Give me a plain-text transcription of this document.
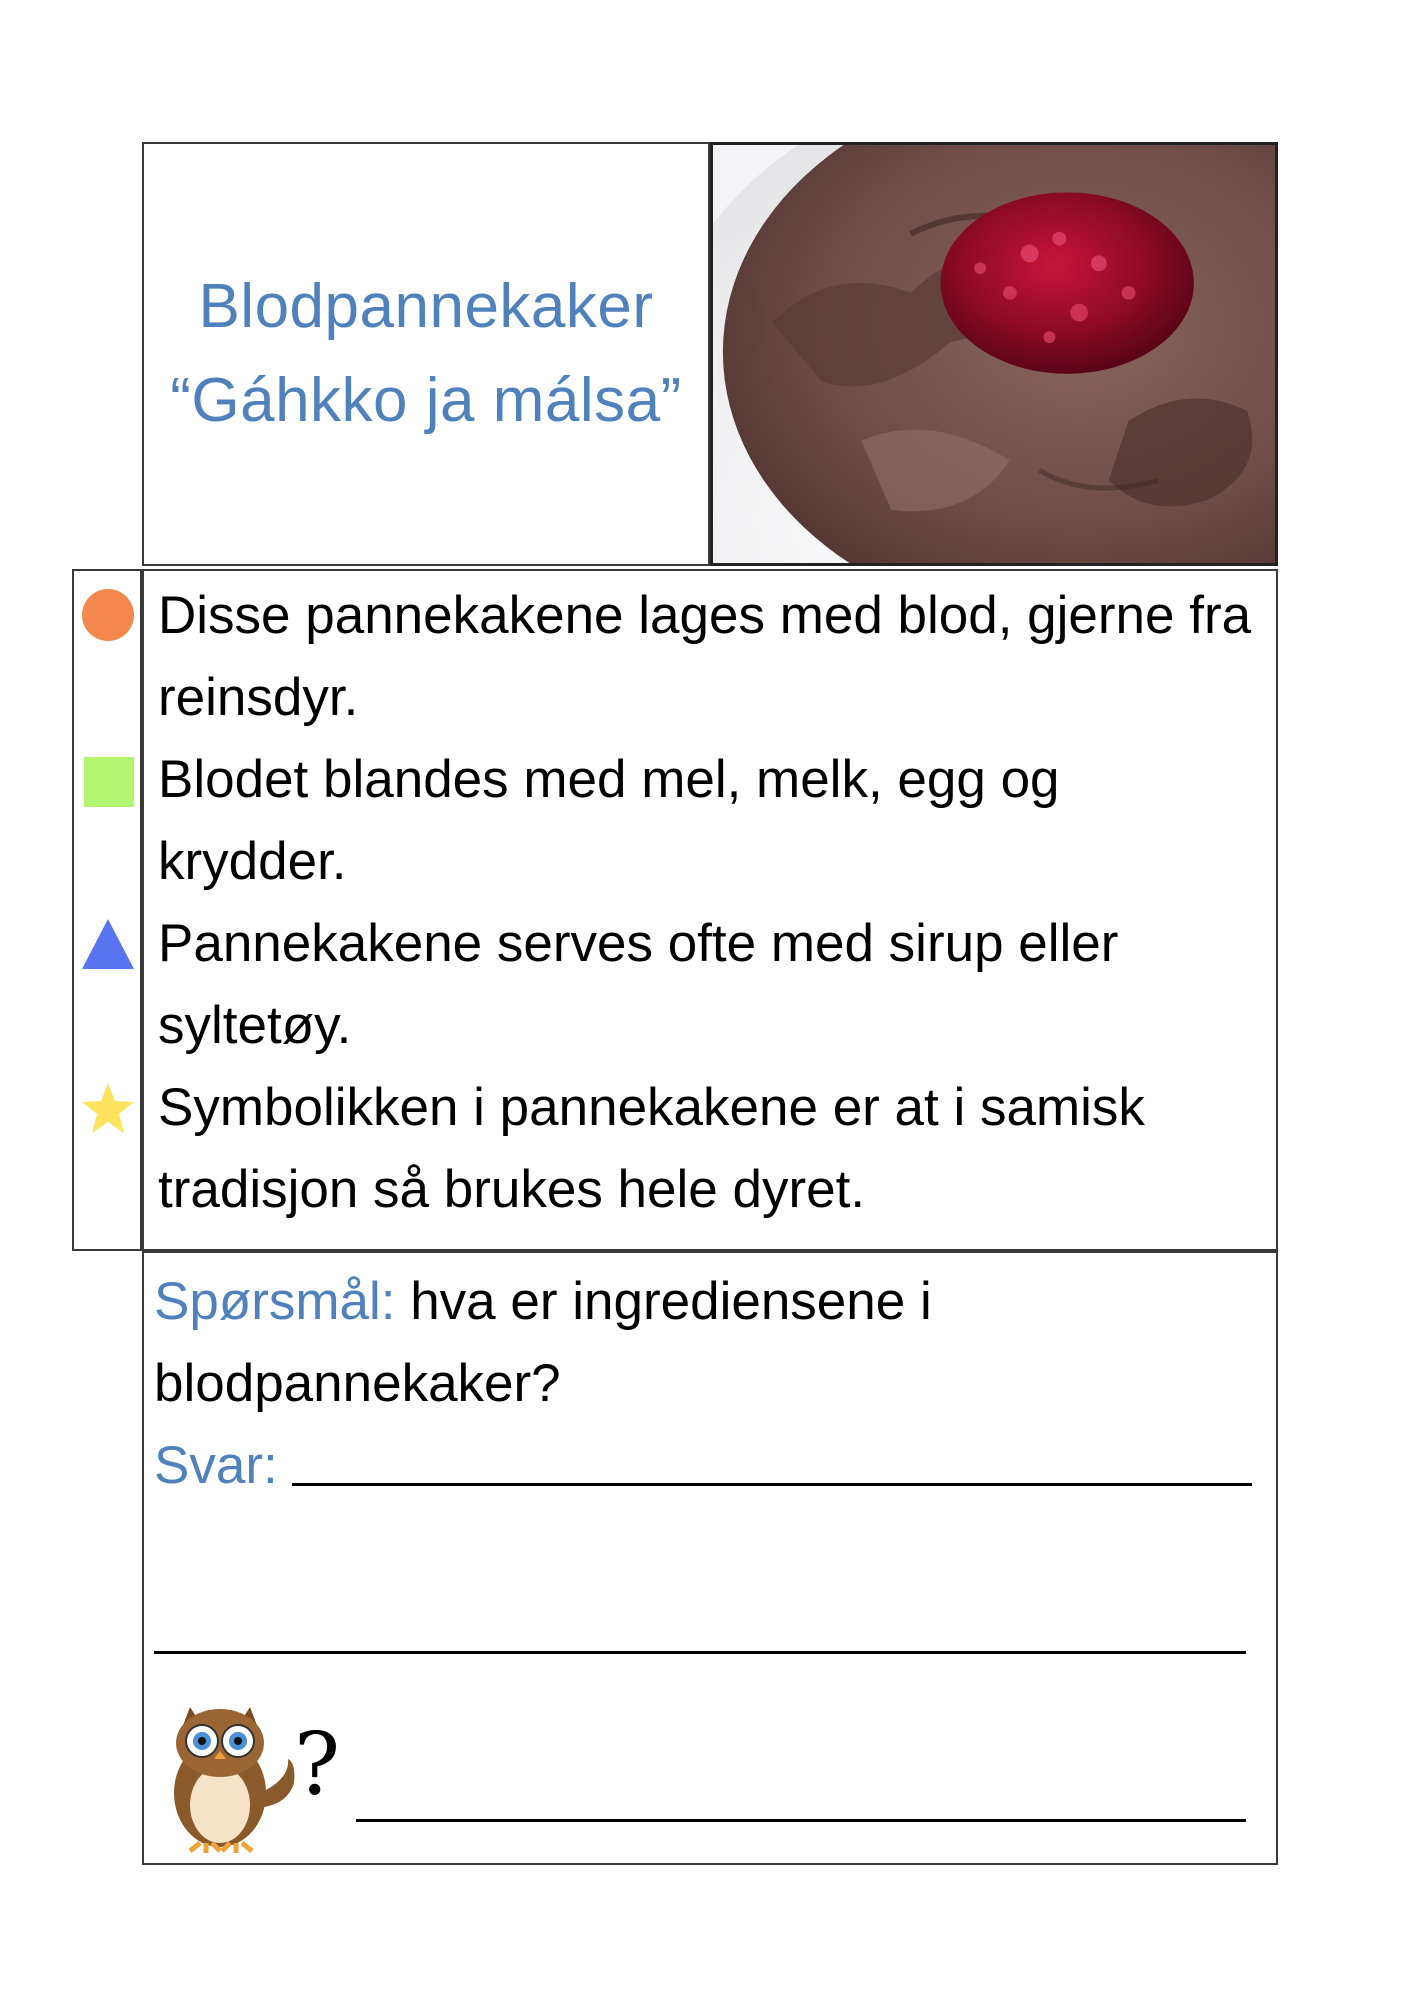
Blodpannekaker
“Gáhkko ja málsa”
Disse pannekakene lages med blod, gjerne fra reinsdyr.
Blodet blandes med mel, melk, egg og krydder.
Pannekakene serves ofte med sirup eller syltetøy.
Symbolikken i pannekakene er at i samisk tradisjon så brukes hele dyret.
Spørsmål: hva er ingrediensene i blodpannekaker?
Svar:
?
